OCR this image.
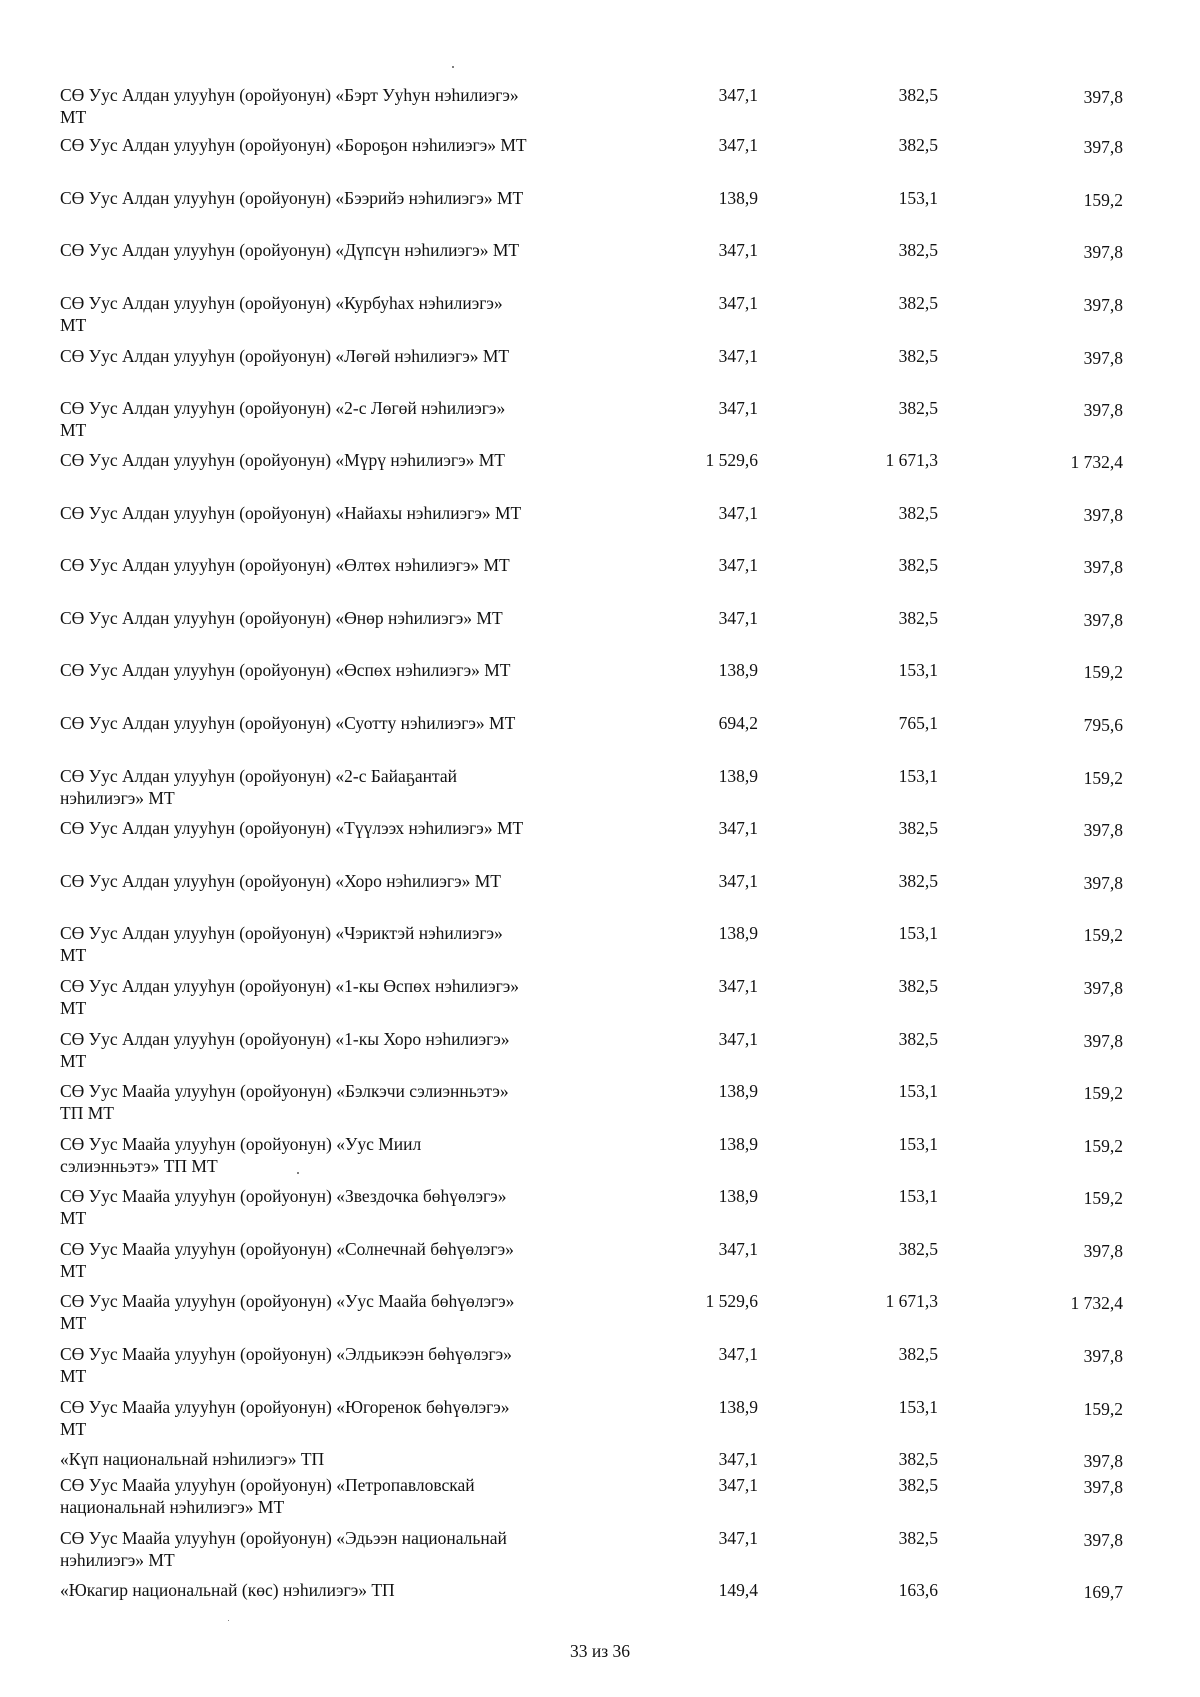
СӨ Уус Алдан улууһун (оройуонун) «Бэрт Ууһун нэһилиэгэ»
МТ
347,1	382,5	397,8
СӨ Уус Алдан улууһун (оройуонун) «Бороҕон нэһилиэгэ» МТ	347,1	382,5	397,8
СӨ Уус Алдан улууһун (оройуонун) «Бээрийэ нэһилиэгэ» МТ	138,9	153,1	159,2
СӨ Уус Алдан улууһун (оройуонун) «Дүпсүн нэһилиэгэ» МТ	347,1	382,5	397,8
СӨ Уус Алдан улууһун (оройуонун) «Курбуһах нэһилиэгэ»
МТ
347,1	382,5	397,8
СӨ Уус Алдан улууһун (оройуонун) «Лөгөй нэһилиэгэ» МТ	347,1	382,5	397,8
СӨ Уус Алдан улууһун (оройуонун) «2-с Лөгөй нэһилиэгэ»
МТ
347,1	382,5	397,8
СӨ Уус Алдан улууһун (оройуонун) «Мүрү нэһилиэгэ» МТ	1 529,6	1 671,3	1 732,4
СӨ Уус Алдан улууһун (оройуонун) «Найахы нэһилиэгэ» МТ	347,1	382,5	397,8
СӨ Уус Алдан улууһун (оройуонун) «Өлтөх нэһилиэгэ» МТ	347,1	382,5	397,8
СӨ Уус Алдан улууһун (оройуонун) «Өнөр нэһилиэгэ» МТ	347,1	382,5	397,8
СӨ Уус Алдан улууһун (оройуонун) «Өспөх нэһилиэгэ» МТ	138,9	153,1	159,2
СӨ Уус Алдан улууһун (оройуонун) «Суоттy нэһилиэгэ» МТ	694,2	765,1	795,6
СӨ Уус Алдан улууһун (оройуонун) «2-с Байаҕантай
нэһилиэгэ» МТ
138,9	153,1	159,2
СӨ Уус Алдан улууһун (оройуонун) «Түүлээх нэһилиэгэ» МТ	347,1	382,5	397,8
СӨ Уус Алдан улууһун (оройуонун) «Хоро нэһилиэгэ» МТ	347,1	382,5	397,8
СӨ Уус Алдан улууһун (оройуонун) «Чэриктэй нэһилиэгэ»
МТ
138,9	153,1	159,2
СӨ Уус Алдан улууһун (оройуонун) «1-кы Өспөх нэһилиэгэ»
МТ
347,1	382,5	397,8
СӨ Уус Алдан улууһун (оройуонун) «1-кы Хоро нэһилиэгэ»
МТ
347,1	382,5	397,8
СӨ Уус Маайа улууһун (оройуонун) «Бэлкэчи сэлиэнньэтэ»
ТП МТ
138,9	153,1	159,2
СӨ Уус Маайа улууһун (оройуонун) «Уус Миил
сэлиэнньэтэ» ТП МТ
138,9	153,1	159,2
СӨ Уус Маайа улууһун (оройуонун) «Звездочка бөһүөлэгэ»
МТ
138,9	153,1	159,2
СӨ Уус Маайа улууһун (оройуонун) «Солнечнай бөһүөлэгэ»
МТ
347,1	382,5	397,8
СӨ Уус Маайа улууһун (оройуонун) «Уус Маайа бөһүөлэгэ»
МТ
1 529,6	1 671,3	1 732,4
СӨ Уус Маайа улууһун (оройуонун) «Элдьикээн бөһүөлэгэ»
МТ
347,1	382,5	397,8
СӨ Уус Маайа улууһун (оройуонун) «Югоренок бөһүөлэгэ»
МТ
138,9	153,1	159,2
«Күп национальнай нэһилиэгэ» ТП	347,1	382,5	397,8
СӨ Уус Маайа улууһун (оройуонун) «Петропавловскай
национальнай нэһилиэгэ» МТ
347,1	382,5	397,8
СӨ Уус Маайа улууһун (оройуонун) «Эдьээн национальнай
нэһилиэгэ» МТ
347,1	382,5	397,8
«Юкагир национальнай (көс) нэһилиэгэ» ТП	149,4	163,6	169,7
33 из 36
